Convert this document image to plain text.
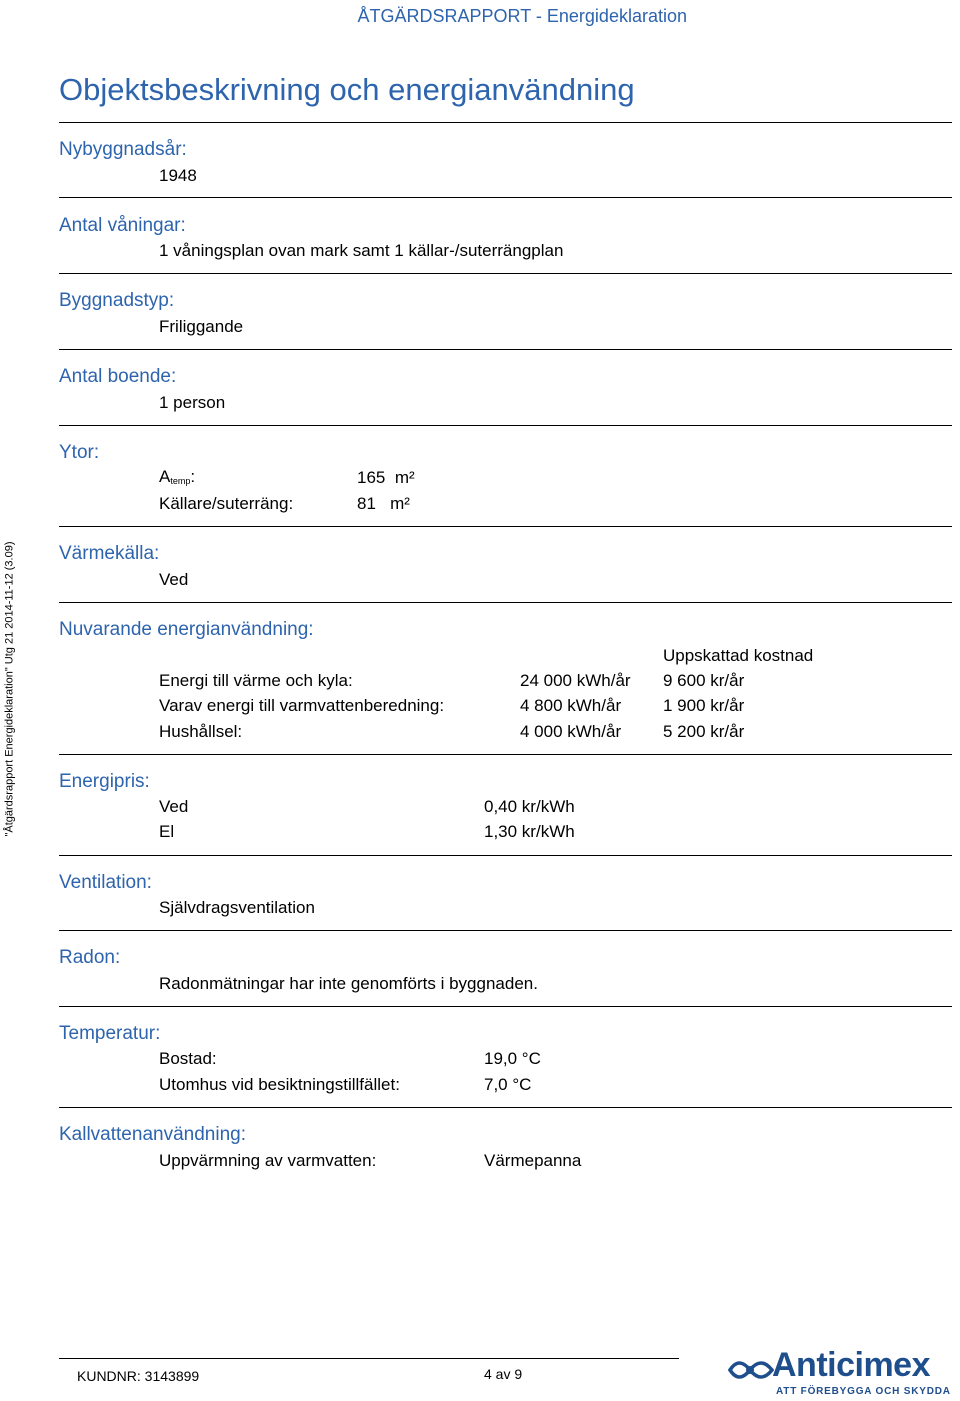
ÅTGÄRDSRAPPORT - Energideklaration
Objektsbeskrivning och energianvändning
"Åtgärdsrapport Energideklaration" Utg 21 2014-11-12 (3.09)
Nybyggnadsår:
1948
Antal våningar:
1 våningsplan ovan mark samt 1 källar-/suterrängplan
Byggnadstyp:
Friliggande
Antal boende:
1 person
Ytor:
$A_{temp}$:	165 m²
Källare/suterräng:	81 m²
Värmekälla:
Ved
Nuvarande energianvändning:
Uppskattad kostnad
Energi till värme och kyla:	24 000 kWh/år 9 600 kr/år
Varav energi till varmvattenberedning:	4 800 kWh/år 1 900 kr/år
Hushållsel:	4 000 kWh/år 5 200 kr/år
Energipris:
Ved	0,40 kr/kWh
El	1,30 kr/kWh
Ventilation:
Självdragsventilation
Radon:
Radonmätningar har inte genomförts i byggnaden.
Temperatur:
Bostad:	19,0 °C
Utomhus vid besiktningstillfället:	7,0 °C
Kallvattenanvändning:
Uppvärmning av varmvatten:	Värmepanna
KUNDNR: 3143899	4 av 9	Anticimex
ATT FÖREBYGGA OCH SKYDDA
